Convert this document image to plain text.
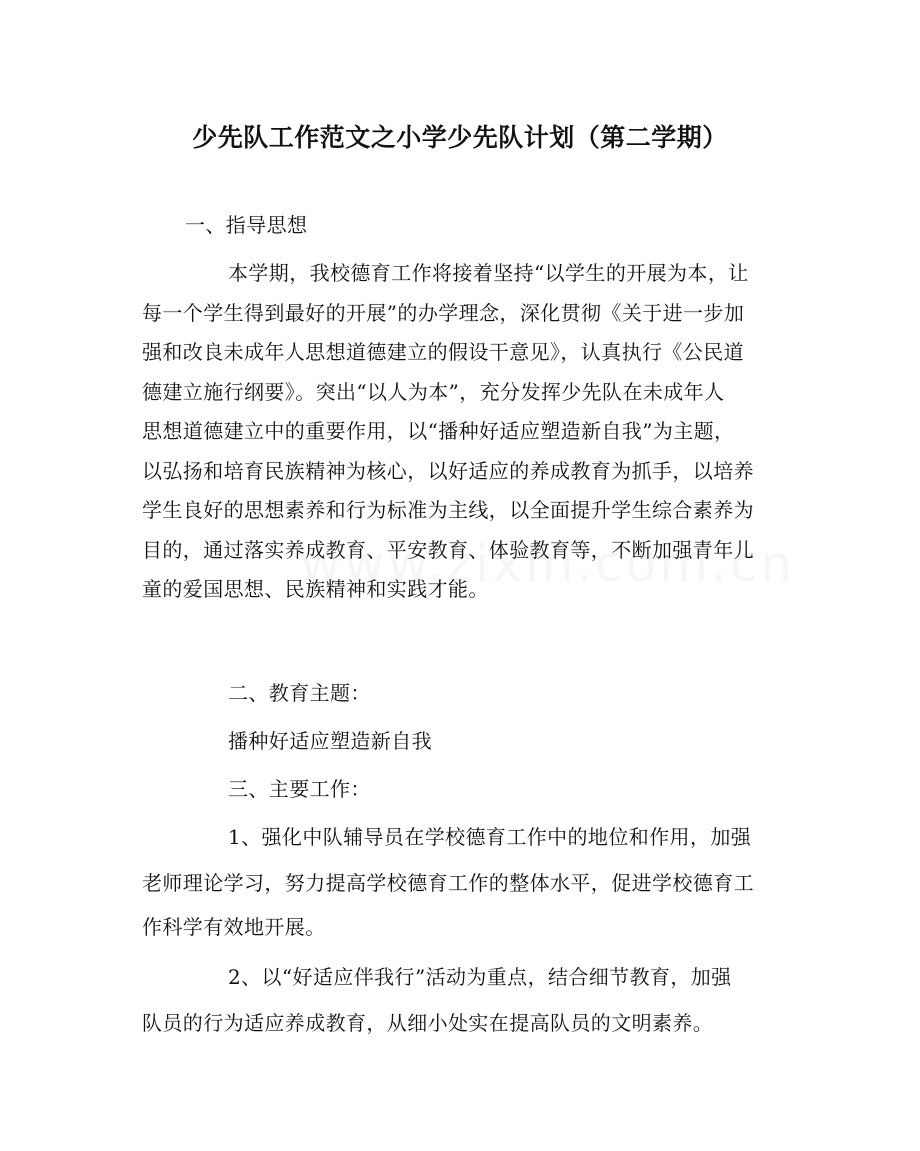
少先队工作范文之小学少先队计划（第二学期）

一、指导思想

本学期，我校德育工作将接着坚持“以学生的开展为本，让

每一个学生得到最好的开展”的办学理念，深化贯彻《关于进一步加

强和改良未成年人思想道德建立的假设干意见》，认真执行《公民道

德建立施行纲要》。突出“以人为本”，充分发挥少先队在未成年人

思想道德建立中的重要作用，以“播种好适应塑造新自我”为主题，

以弘扬和培育民族精神为核心，以好适应的养成教育为抓手，以培养

学生良好的思想素养和行为标准为主线，以全面提升学生综合素养为

目的，通过落实养成教育、平安教育、体验教育等，不断加强青年儿

童的爱国思想、民族精神和实践才能。

二、教育主题：

播种好适应塑造新自我

三、主要工作：

1、强化中队辅导员在学校德育工作中的地位和作用，加强

老师理论学习，努力提高学校德育工作的整体水平，促进学校德育工

作科学有效地开展。

2、以“好适应伴我行”活动为重点，结合细节教育，加强

队员的行为适应养成教育，从细小处实在提高队员的文明素养。
